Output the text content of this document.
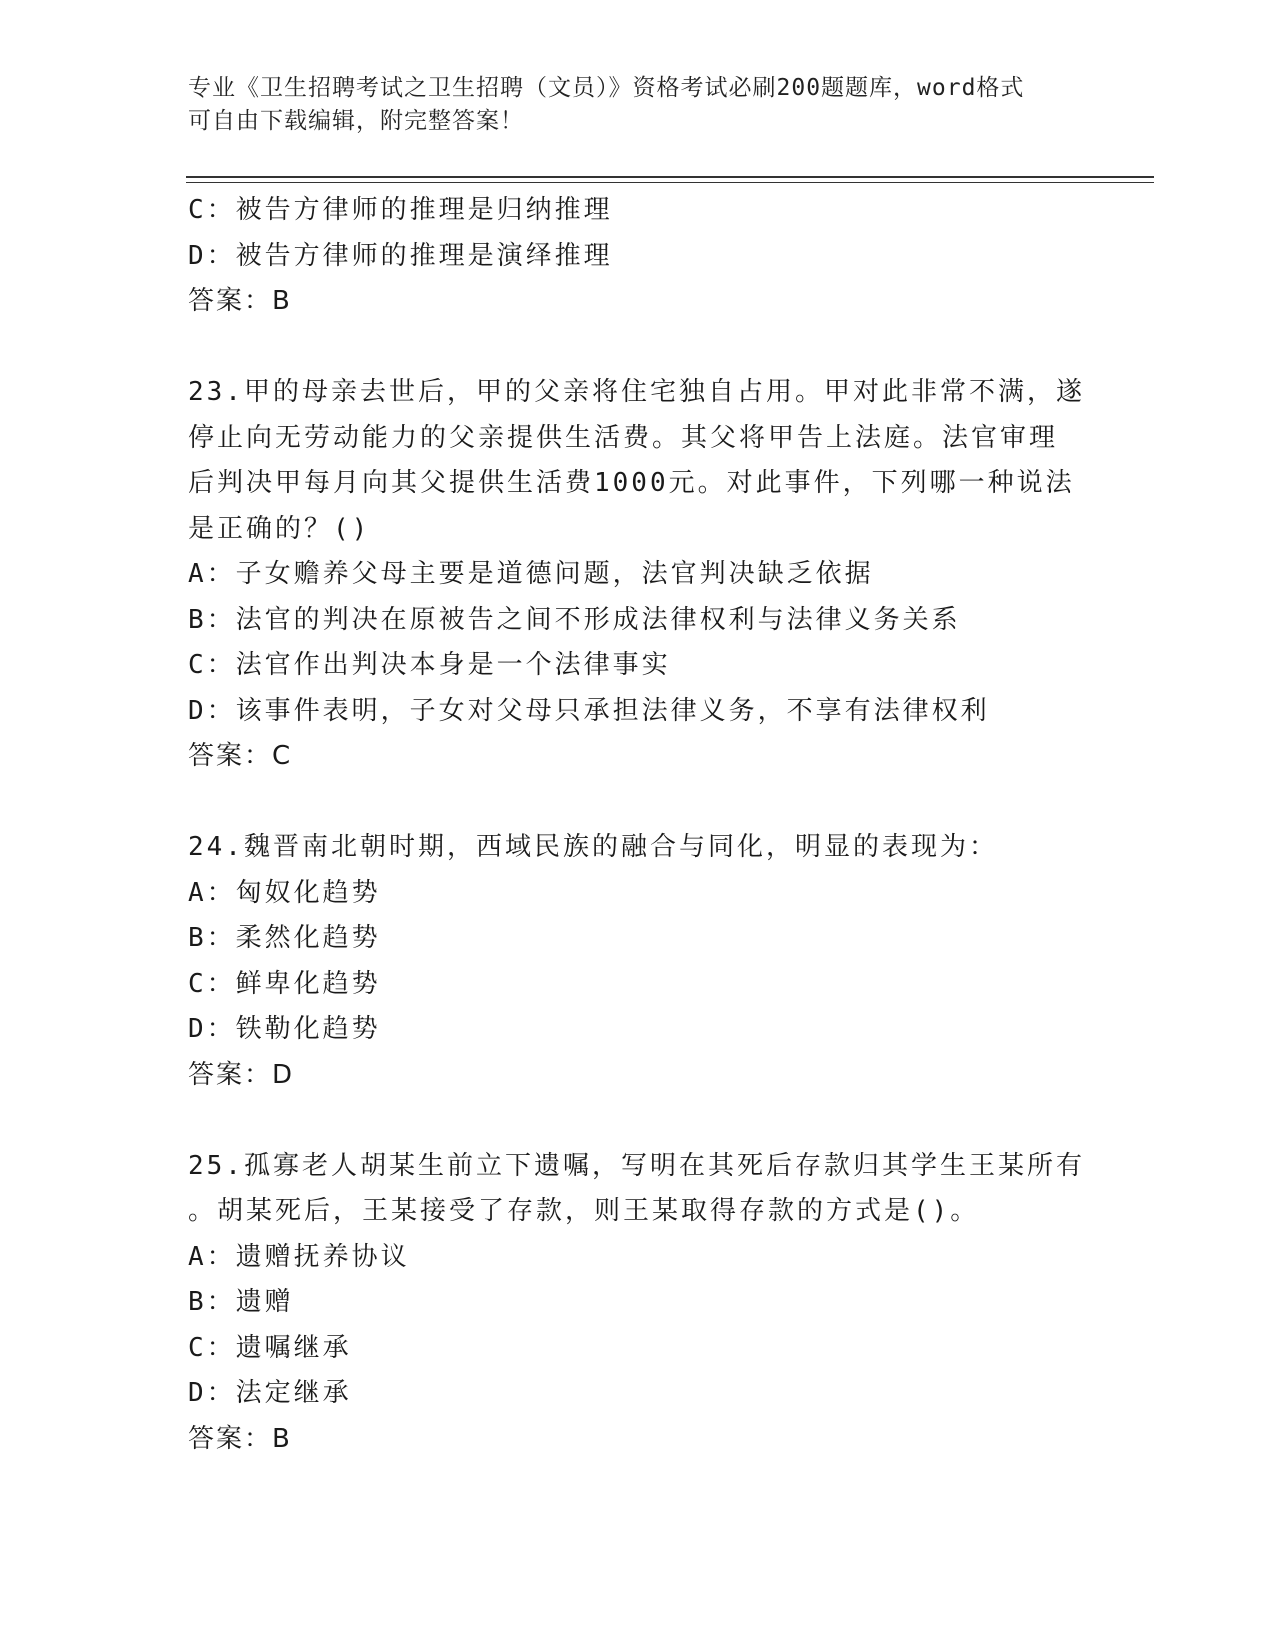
专业《卫生招聘考试之卫生招聘（文员）》资格考试必刷200题题库，word格式
可自由下载编辑，附完整答案！
C：被告方律师的推理是归纳推理
D：被告方律师的推理是演绎推理
答案：B
23.甲的母亲去世后，甲的父亲将住宅独自占用。甲对此非常不满，遂
停止向无劳动能力的父亲提供生活费。其父将甲告上法庭。法官审理
后判决甲每月向其父提供生活费1000元。对此事件，下列哪一种说法
是正确的？()
A：子女赡养父母主要是道德问题，法官判决缺乏依据
B：法官的判决在原被告之间不形成法律权利与法律义务关系
C：法官作出判决本身是一个法律事实
D：该事件表明，子女对父母只承担法律义务，不享有法律权利
答案：C
24.魏晋南北朝时期，西域民族的融合与同化，明显的表现为：
A：匈奴化趋势
B：柔然化趋势
C：鲜卑化趋势
D：铁勒化趋势
答案：D
25.孤寡老人胡某生前立下遗嘱，写明在其死后存款归其学生王某所有
。胡某死后，王某接受了存款，则王某取得存款的方式是()。
A：遗赠抚养协议
B：遗赠
C：遗嘱继承
D：法定继承
答案：B
